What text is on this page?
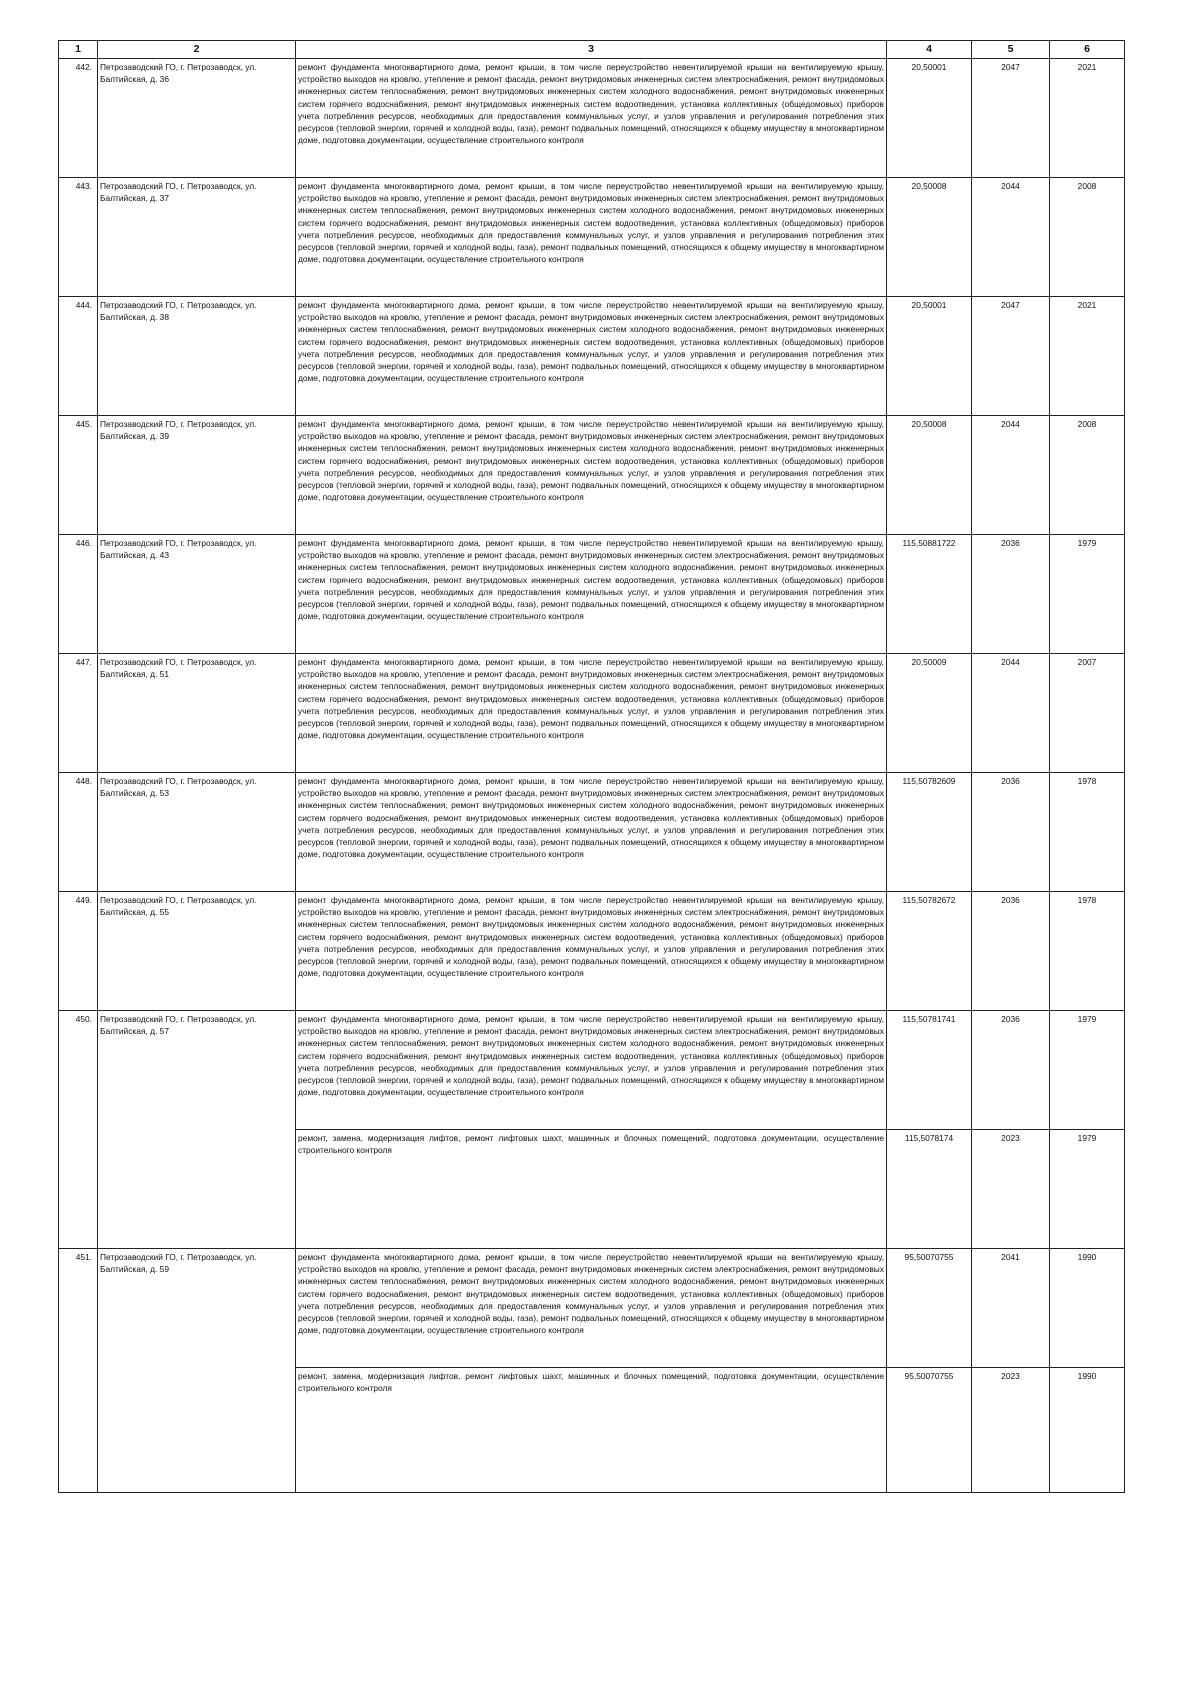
1	2	3	4	5	6
442.	Петрозаводский ГО, г. Петрозаводск, ул. Балтийская, д. 36	ремонт фундамента многоквартирного дома, ремонт крыши, в том числе переустройство невентилируемой крыши на вентилируемую крышу, устройство выходов на кровлю, утепление и ремонт фасада, ремонт внутридомовых инженерных систем электроснабжения, ремонт внутридомовых инженерных систем теплоснабжения, ремонт внутридомовых инженерных систем холодного водоснабжения, ремонт внутридомовых инженерных систем горячего водоснабжения, ремонт внутридомовых инженерных систем водоотведения, установка коллективных (общедомовых) приборов учета потребления ресурсов, необходимых для предоставления коммунальных услуг, и узлов управления и регулирования потребления этих ресурсов (тепловой энергии, горячей и холодной воды, газа), ремонт подвальных помещений, относящихся к общему имуществу в многоквартирном доме, подготовка документации, осуществление строительного контроля	20,50001	2047	2021
443.	Петрозаводский ГО, г. Петрозаводск, ул. Балтийская, д. 37	ремонт фундамента многоквартирного дома, ремонт крыши, в том числе переустройство невентилируемой крыши на вентилируемую крышу, устройство выходов на кровлю, утепление и ремонт фасада, ремонт внутридомовых инженерных систем электроснабжения, ремонт внутридомовых инженерных систем теплоснабжения, ремонт внутридомовых инженерных систем холодного водоснабжения, ремонт внутридомовых инженерных систем горячего водоснабжения, ремонт внутридомовых инженерных систем водоотведения, установка коллективных (общедомовых) приборов учета потребления ресурсов, необходимых для предоставления коммунальных услуг, и узлов управления и регулирования потребления этих ресурсов (тепловой энергии, горячей и холодной воды, газа), ремонт подвальных помещений, относящихся к общему имуществу в многоквартирном доме, подготовка документации, осуществление строительного контроля	20,50008	2044	2008
444.	Петрозаводский ГО, г. Петрозаводск, ул. Балтийская, д. 38	ремонт фундамента многоквартирного дома, ремонт крыши, в том числе переустройство невентилируемой крыши на вентилируемую крышу, устройство выходов на кровлю, утепление и ремонт фасада, ремонт внутридомовых инженерных систем электроснабжения, ремонт внутридомовых инженерных систем теплоснабжения, ремонт внутридомовых инженерных систем холодного водоснабжения, ремонт внутридомовых инженерных систем горячего водоснабжения, ремонт внутридомовых инженерных систем водоотведения, установка коллективных (общедомовых) приборов учета потребления ресурсов, необходимых для предоставления коммунальных услуг, и узлов управления и регулирования потребления этих ресурсов (тепловой энергии, горячей и холодной воды, газа), ремонт подвальных помещений, относящихся к общему имуществу в многоквартирном доме, подготовка документации, осуществление строительного контроля	20,50001	2047	2021
445.	Петрозаводский ГО, г. Петрозаводск, ул. Балтийская, д. 39	ремонт фундамента многоквартирного дома, ремонт крыши, в том числе переустройство невентилируемой крыши на вентилируемую крышу, устройство выходов на кровлю, утепление и ремонт фасада, ремонт внутридомовых инженерных систем электроснабжения, ремонт внутридомовых инженерных систем теплоснабжения, ремонт внутридомовых инженерных систем холодного водоснабжения, ремонт внутридомовых инженерных систем горячего водоснабжения, ремонт внутридомовых инженерных систем водоотведения, установка коллективных (общедомовых) приборов учета потребления ресурсов, необходимых для предоставления коммунальных услуг, и узлов управления и регулирования потребления этих ресурсов (тепловой энергии, горячей и холодной воды, газа), ремонт подвальных помещений, относящихся к общему имуществу в многоквартирном доме, подготовка документации, осуществление строительного контроля	20,50008	2044	2008
446.	Петрозаводский ГО, г. Петрозаводск, ул. Балтийская, д. 43	ремонт фундамента многоквартирного дома, ремонт крыши, в том числе переустройство невентилируемой крыши на вентилируемую крышу, устройство выходов на кровлю, утепление и ремонт фасада, ремонт внутридомовых инженерных систем электроснабжения, ремонт внутридомовых инженерных систем теплоснабжения, ремонт внутридомовых инженерных систем холодного водоснабжения, ремонт внутридомовых инженерных систем горячего водоснабжения, ремонт внутридомовых инженерных систем водоотведения, установка коллективных (общедомовых) приборов учета потребления ресурсов, необходимых для предоставления коммунальных услуг, и узлов управления и регулирования потребления этих ресурсов (тепловой энергии, горячей и холодной воды, газа), ремонт подвальных помещений, относящихся к общему имуществу в многоквартирном доме, подготовка документации, осуществление строительного контроля	115,50881722	2036	1979
447.	Петрозаводский ГО, г. Петрозаводск, ул. Балтийская, д. 51	ремонт фундамента многоквартирного дома, ремонт крыши, в том числе переустройство невентилируемой крыши на вентилируемую крышу, устройство выходов на кровлю, утепление и ремонт фасада, ремонт внутридомовых инженерных систем электроснабжения, ремонт внутридомовых инженерных систем теплоснабжения, ремонт внутридомовых инженерных систем холодного водоснабжения, ремонт внутридомовых инженерных систем горячего водоснабжения, ремонт внутридомовых инженерных систем водоотведения, установка коллективных (общедомовых) приборов учета потребления ресурсов, необходимых для предоставления коммунальных услуг, и узлов управления и регулирования потребления этих ресурсов (тепловой энергии, горячей и холодной воды, газа), ремонт подвальных помещений, относящихся к общему имуществу в многоквартирном доме, подготовка документации, осуществление строительного контроля	20,50009	2044	2007
448.	Петрозаводский ГО, г. Петрозаводск, ул. Балтийская, д. 53	ремонт фундамента многоквартирного дома, ремонт крыши, в том числе переустройство невентилируемой крыши на вентилируемую крышу, устройство выходов на кровлю, утепление и ремонт фасада, ремонт внутридомовых инженерных систем электроснабжения, ремонт внутридомовых инженерных систем теплоснабжения, ремонт внутридомовых инженерных систем холодного водоснабжения, ремонт внутридомовых инженерных систем горячего водоснабжения, ремонт внутридомовых инженерных систем водоотведения, установка коллективных (общедомовых) приборов учета потребления ресурсов, необходимых для предоставления коммунальных услуг, и узлов управления и регулирования потребления этих ресурсов (тепловой энергии, горячей и холодной воды, газа), ремонт подвальных помещений, относящихся к общему имуществу в многоквартирном доме, подготовка документации, осуществление строительного контроля	115,50782609	2036	1978
449.	Петрозаводский ГО, г. Петрозаводск, ул. Балтийская, д. 55	ремонт фундамента многоквартирного дома, ремонт крыши, в том числе переустройство невентилируемой крыши на вентилируемую крышу, устройство выходов на кровлю, утепление и ремонт фасада, ремонт внутридомовых инженерных систем электроснабжения, ремонт внутридомовых инженерных систем теплоснабжения, ремонт внутридомовых инженерных систем холодного водоснабжения, ремонт внутридомовых инженерных систем горячего водоснабжения, ремонт внутридомовых инженерных систем водоотведения, установка коллективных (общедомовых) приборов учета потребления ресурсов, необходимых для предоставления коммунальных услуг, и узлов управления и регулирования потребления этих ресурсов (тепловой энергии, горячей и холодной воды, газа), ремонт подвальных помещений, относящихся к общему имуществу в многоквартирном доме, подготовка документации, осуществление строительного контроля	115,50782672	2036	1978
450.	Петрозаводский ГО, г. Петрозаводск, ул. Балтийская, д. 57	ремонт фундамента многоквартирного дома, ремонт крыши, в том числе переустройство невентилируемой крыши на вентилируемую крышу, устройство выходов на кровлю, утепление и ремонт фасада, ремонт внутридомовых инженерных систем электроснабжения, ремонт внутридомовых инженерных систем теплоснабжения, ремонт внутридомовых инженерных систем холодного водоснабжения, ремонт внутридомовых инженерных систем горячего водоснабжения, ремонт внутридомовых инженерных систем водоотведения, установка коллективных (общедомовых) приборов учета потребления ресурсов, необходимых для предоставления коммунальных услуг, и узлов управления и регулирования потребления этих ресурсов (тепловой энергии, горячей и холодной воды, газа), ремонт подвальных помещений, относящихся к общему имуществу в многоквартирном доме, подготовка документации, осуществление строительного контроля	115,50781741	2036	1979
		ремонт, замена, модернизация лифтов, ремонт лифтовых шахт, машинных и блочных помещений, подготовка документации, осуществление строительного контроля	115,5078174	2023	1979
451.	Петрозаводский ГО, г. Петрозаводск, ул. Балтийская, д. 59	ремонт фундамента многоквартирного дома, ремонт крыши, в том числе переустройство невентилируемой крыши на вентилируемую крышу, устройство выходов на кровлю, утепление и ремонт фасада, ремонт внутридомовых инженерных систем электроснабжения, ремонт внутридомовых инженерных систем теплоснабжения, ремонт внутридомовых инженерных систем холодного водоснабжения, ремонт внутридомовых инженерных систем горячего водоснабжения, ремонт внутридомовых инженерных систем водоотведения, установка коллективных (общедомовых) приборов учета потребления ресурсов, необходимых для предоставления коммунальных услуг, и узлов управления и регулирования потребления этих ресурсов (тепловой энергии, горячей и холодной воды, газа), ремонт подвальных помещений, относящихся к общему имуществу в многоквартирном доме, подготовка документации, осуществление строительного контроля	95,50070755	2041	1990
		ремонт, замена, модернизация лифтов, ремонт лифтовых шахт, машинных и блочных помещений, подготовка документации, осуществление строительного контроля	95,50070755	2023	1990
